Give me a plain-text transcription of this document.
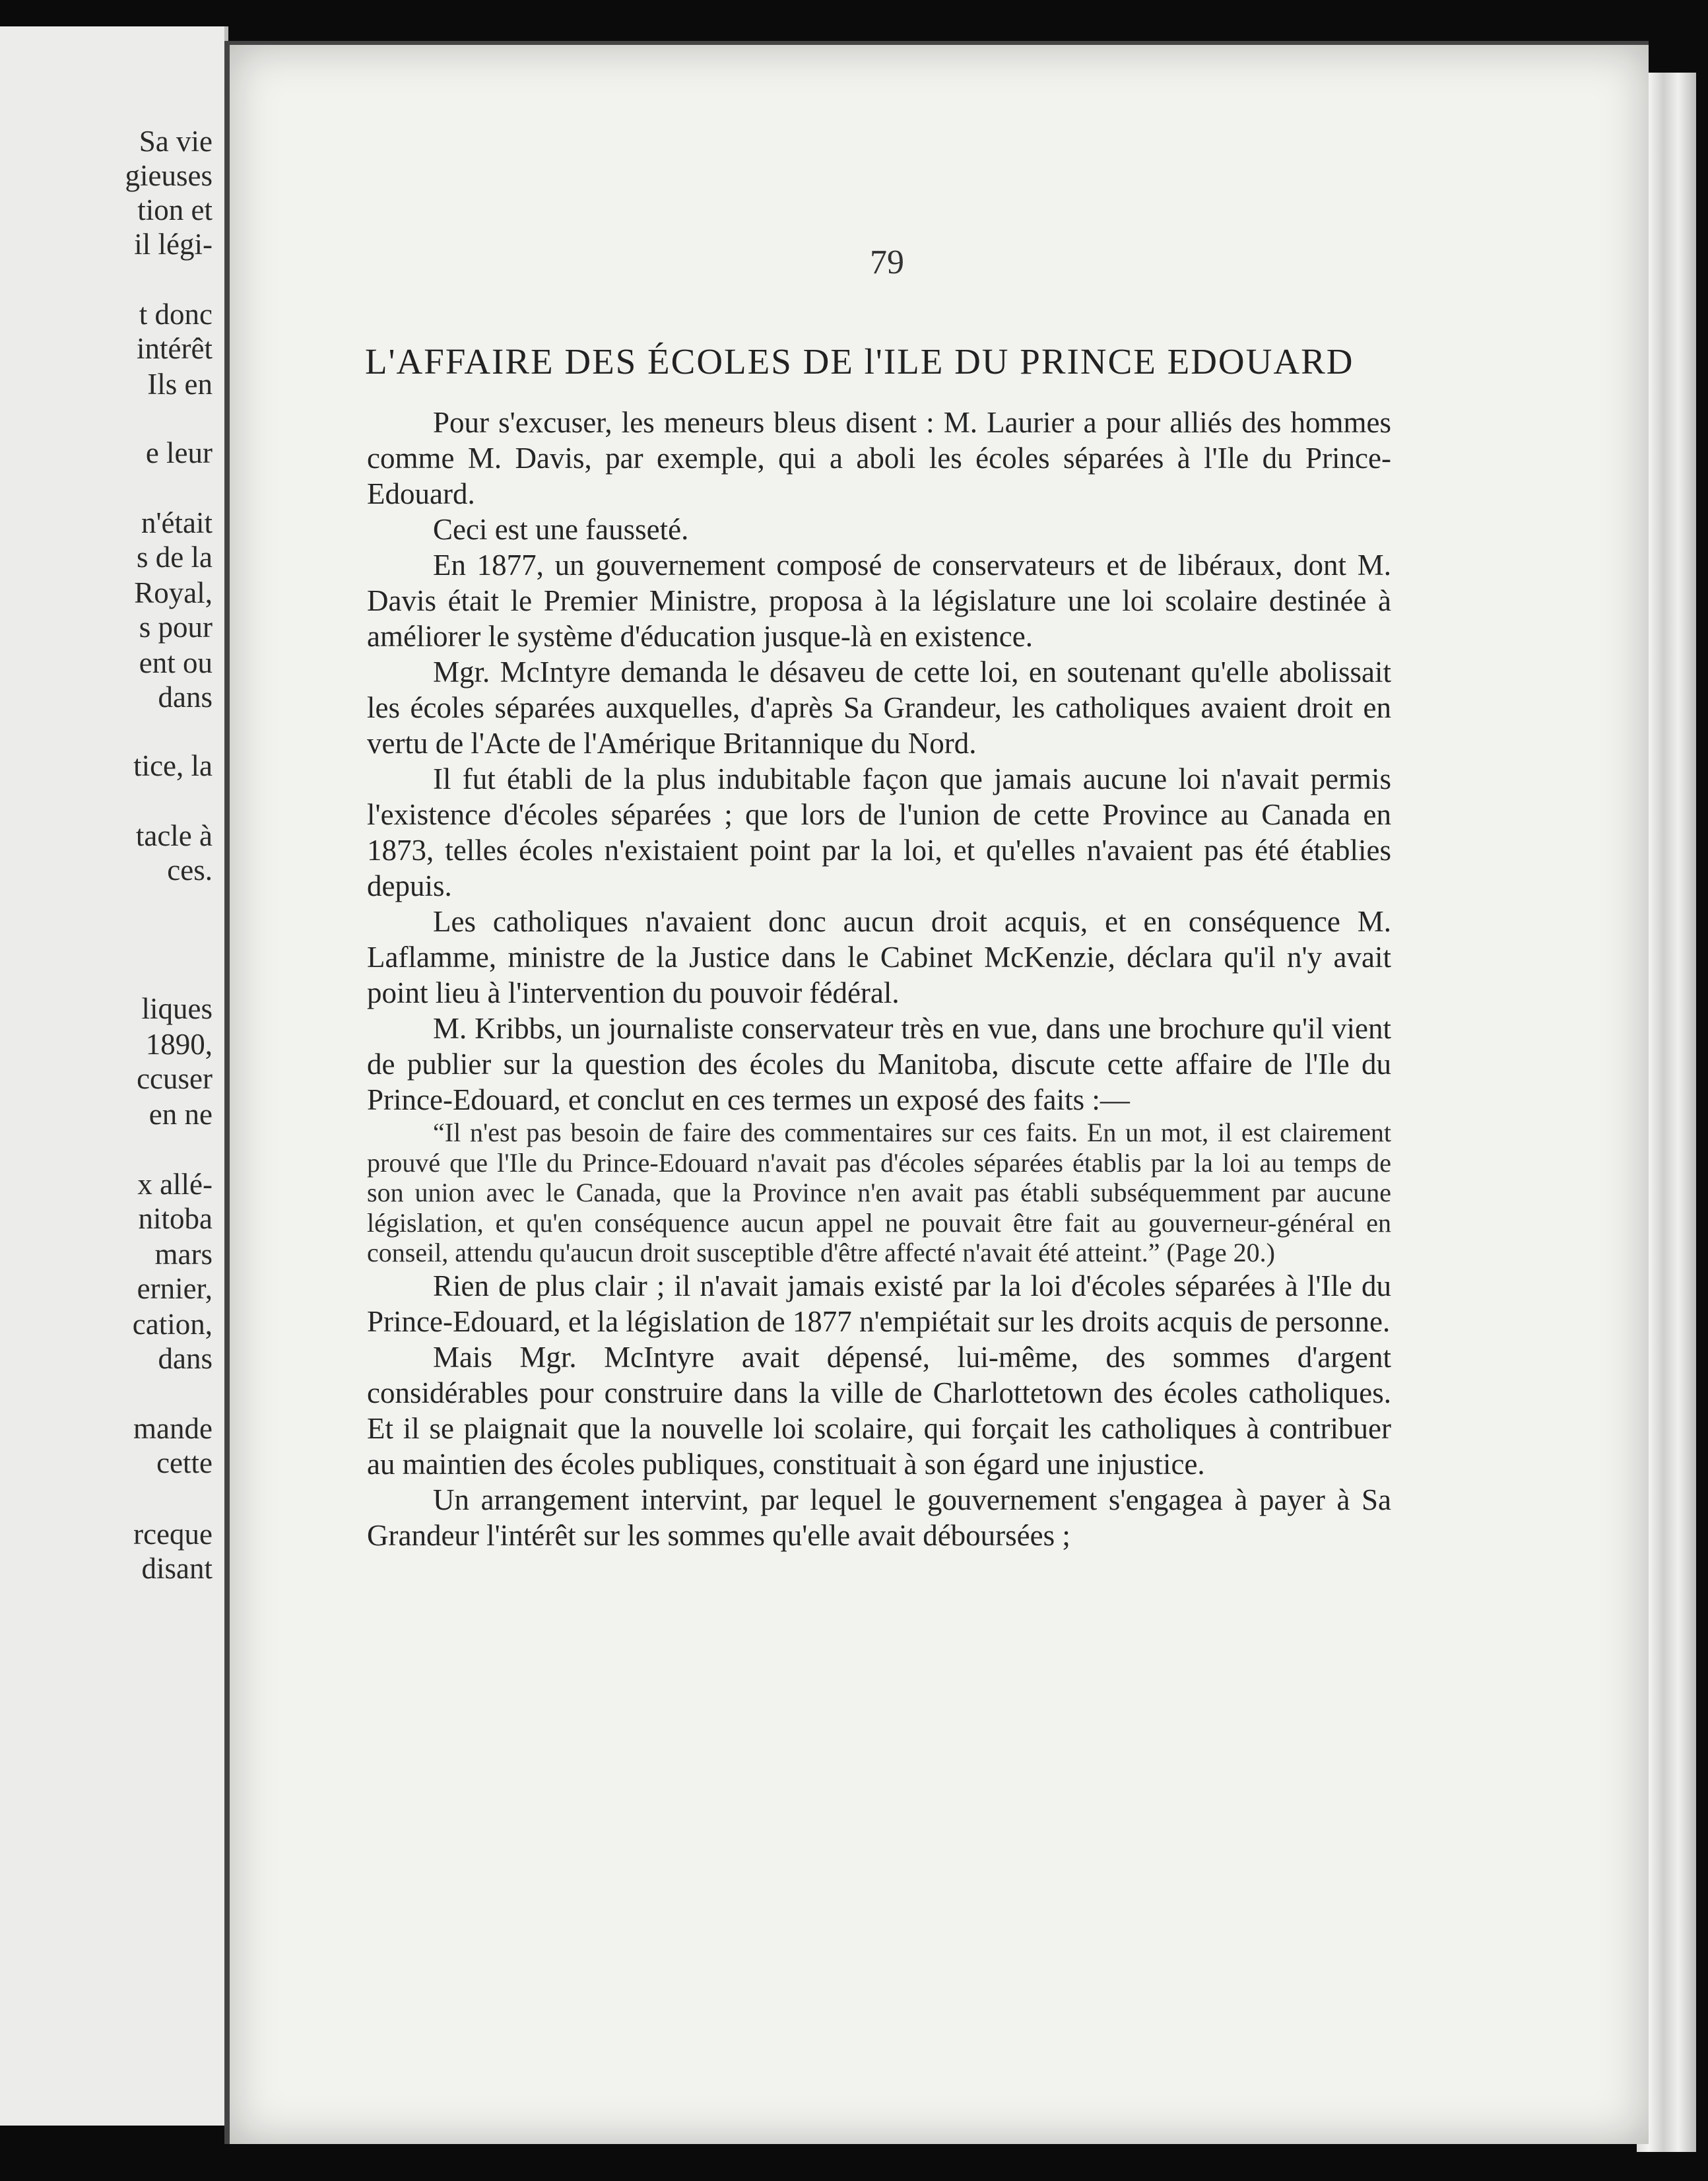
Sa vie
gieuses
tion et
il légi-
t donc
intérêt
Ils en
e leur
n'était
s de la
Royal,
s pour
ent ou
dans
tice, la
tacle à
ces.
liques
1890,
ccuser
en ne
x allé-
nitoba
mars
ernier,
cation,
dans
mande
cette
rceque
disant
79
L'AFFAIRE DES ÉCOLES DE l'ILE DU PRINCE EDOUARD

Pour s'excuser, les meneurs bleus disent : M. Laurier a pour alliés des hommes comme M. Davis, par exemple, qui a aboli les écoles séparées à l'Ile du Prince-Edouard.

Ceci est une fausseté.

En 1877, un gouvernement composé de conservateurs et de libéraux, dont M. Davis était le Premier Ministre, proposa à la législature une loi scolaire destinée à améliorer le système d'éducation jusque-là en existence.

Mgr. McIntyre demanda le désaveu de cette loi, en soutenant qu'elle abolissait les écoles séparées auxquelles, d'après Sa Grandeur, les catholiques avaient droit en vertu de l'Acte de l'Amérique Britannique du Nord.

Il fut établi de la plus indubitable façon que jamais aucune loi n'avait permis l'existence d'écoles séparées ; que lors de l'union de cette Province au Canada en 1873, telles écoles n'existaient point par la loi, et qu'elles n'avaient pas été établies depuis.

Les catholiques n'avaient donc aucun droit acquis, et en conséquence M. Laflamme, ministre de la Justice dans le Cabinet McKenzie, déclara qu'il n'y avait point lieu à l'intervention du pouvoir fédéral.

M. Kribbs, un journaliste conservateur très en vue, dans une brochure qu'il vient de publier sur la question des écoles du Manitoba, discute cette affaire de l'Ile du Prince-Edouard, et conclut en ces termes un exposé des faits :—

“Il n'est pas besoin de faire des commentaires sur ces faits. En un mot, il est clairement prouvé que l'Ile du Prince-Edouard n'avait pas d'écoles séparées établis par la loi au temps de son union avec le Canada, que la Province n'en avait pas établi subséquemment par aucune législation, et qu'en conséquence aucun appel ne pouvait être fait au gouverneur-général en conseil, attendu qu'aucun droit susceptible d'être affecté n'avait été atteint.” (Page 20.)

Rien de plus clair ; il n'avait jamais existé par la loi d'écoles séparées à l'Ile du Prince-Edouard, et la législation de 1877 n'empiétait sur les droits acquis de personne.

Mais Mgr. McIntyre avait dépensé, lui-même, des sommes d'argent considérables pour construire dans la ville de Charlottetown des écoles catholiques. Et il se plaignait que la nouvelle loi scolaire, qui forçait les catholiques à contribuer au maintien des écoles publiques, constituait à son égard une injustice.

Un arrangement intervint, par lequel le gouvernement s'engagea à payer à Sa Grandeur l'intérêt sur les sommes qu'elle avait déboursées ;
